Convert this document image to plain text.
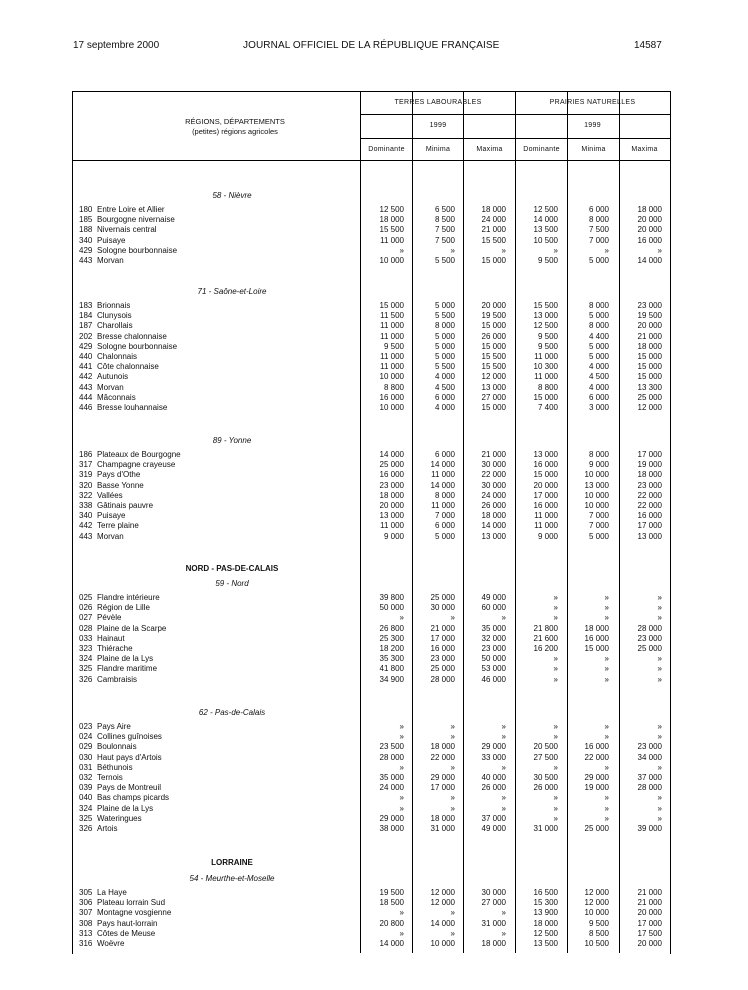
17 septembre 2000	JOURNAL OFFICIEL DE LA RÉPUBLIQUE FRANÇAISE	14587
RÉGIONS, DÉPARTEMENTS
(petites) régions agricoles
TERRES LABOURABLES	PRAIRIES NATURELLES
1999	1999
Dominante	Minima	Maxima	Dominante	Minima	Maxima
58 - Nièvre
180 Entre Loire et Allier	12 500	6 500	18 000	12 500	6 000	18 000
185 Bourgogne nivernaise	18 000	8 500	24 000	14 000	8 000	20 000
188 Nivernais central	15 500	7 500	21 000	13 500	7 500	20 000
340 Puisaye	11 000	7 500	15 500	10 500	7 000	16 000
429 Sologne bourbonnaise	»	»	»	»	»	»
443 Morvan	10 000	5 500	15 000	9 500	5 000	14 000
71 - Saône-et-Loire
183 Brionnais	15 000	5 000	20 000	15 500	8 000	23 000
184 Clunysois	11 500	5 500	19 500	13 000	5 000	19 500
187 Charollais	11 000	8 000	15 000	12 500	8 000	20 000
202 Bresse chalonnaise	11 000	5 000	26 000	9 500	4 400	21 000
429 Sologne bourbonnaise	9 500	5 000	15 000	9 500	5 000	18 000
440 Chalonnais	11 000	5 000	15 500	11 000	5 000	15 000
441 Côte chalonnaise	11 000	5 500	15 500	10 300	4 000	15 000
442 Autunois	10 000	4 000	12 000	11 000	4 500	15 000
443 Morvan	8 800	4 500	13 000	8 800	4 000	13 300
444 Mâconnais	16 000	6 000	27 000	15 000	6 000	25 000
446 Bresse louhannaise	10 000	4 000	15 000	7 400	3 000	12 000
89 - Yonne
186 Plateaux de Bourgogne	14 000	6 000	21 000	13 000	8 000	17 000
317 Champagne crayeuse	25 000	14 000	30 000	16 000	9 000	19 000
319 Pays d'Othe	16 000	11 000	22 000	15 000	10 000	18 000
320 Basse Yonne	23 000	14 000	30 000	20 000	13 000	23 000
322 Vallées	18 000	8 000	24 000	17 000	10 000	22 000
338 Gâtinais pauvre	20 000	11 000	26 000	16 000	10 000	22 000
340 Puisaye	13 000	7 000	18 000	11 000	7 000	16 000
442 Terre plaine	11 000	6 000	14 000	11 000	7 000	17 000
443 Morvan	9 000	5 000	13 000	9 000	5 000	13 000
NORD - PAS-DE-CALAIS
59 - Nord
025 Flandre intérieure	39 800	25 000	49 000	»	»	»
026 Région de Lille	50 000	30 000	60 000	»	»	»
027 Pévèle	»	»	»	»	»	»
028 Plaine de la Scarpe	26 800	21 000	35 000	21 800	18 000	28 000
033 Hainaut	25 300	17 000	32 000	21 600	16 000	23 000
323 Thiérache	18 200	16 000	23 000	16 200	15 000	25 000
324 Plaine de la Lys	35 300	23 000	50 000	»	»	»
325 Flandre maritime	41 800	25 000	53 000	»	»	»
326 Cambraisis	34 900	28 000	46 000	»	»	»
62 - Pas-de-Calais
023 Pays Aire	»	»	»	»	»	»
024 Collines guînoises	»	»	»	»	»	»
029 Boulonnais	23 500	18 000	29 000	20 500	16 000	23 000
030 Haut pays d'Artois	28 000	22 000	33 000	27 500	22 000	34 000
031 Béthunois	»	»	»	»	»	»
032 Ternois	35 000	29 000	40 000	30 500	29 000	37 000
039 Pays de Montreuil	24 000	17 000	26 000	26 000	19 000	28 000
040 Bas champs picards	»	»	»	»	»	»
324 Plaine de la Lys	»	»	»	»	»	»
325 Wateringues	29 000	18 000	37 000	»	»	»
326 Artois	38 000	31 000	49 000	31 000	25 000	39 000
LORRAINE
54 - Meurthe-et-Moselle
305 La Haye	19 500	12 000	30 000	16 500	12 000	21 000
306 Plateau lorrain Sud	18 500	12 000	27 000	15 300	12 000	21 000
307 Montagne vosgienne	»	»	»	13 900	10 000	20 000
308 Pays haut-lorrain	20 800	14 000	31 000	18 000	9 500	17 000
313 Côtes de Meuse	»	»	»	12 500	8 500	17 500
316 Woëvre	14 000	10 000	18 000	13 500	10 500	20 000
